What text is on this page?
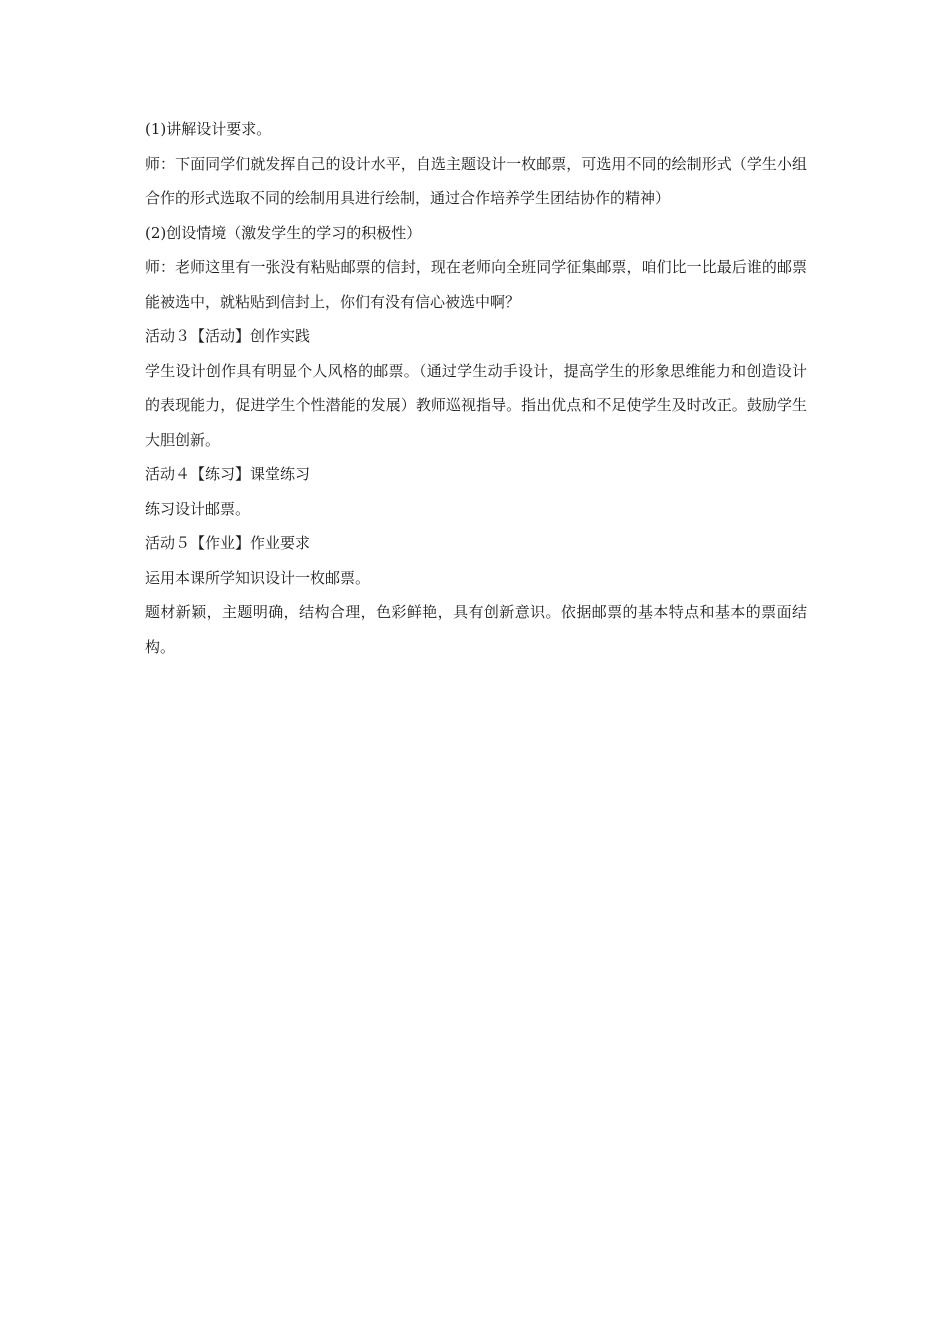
(1)讲解设计要求。

师：下面同学们就发挥自己的设计水平，自选主题设计一枚邮票，可选用不同的绘制形式（学生小组合作的形式选取不同的绘制用具进行绘制，通过合作培养学生团结协作的精神）

(2)创设情境（激发学生的学习的积极性）

师：老师这里有一张没有粘贴邮票的信封，现在老师向全班同学征集邮票，咱们比一比最后谁的邮票能被选中，就粘贴到信封上，你们有没有信心被选中啊？

活动３【活动】创作实践

学生设计创作具有明显个人风格的邮票。（通过学生动手设计，提高学生的形象思维能力和创造设计的表现能力，促进学生个性潜能的发展）教师巡视指导。指出优点和不足使学生及时改正。鼓励学生大胆创新。

活动４【练习】课堂练习

练习设计邮票。

活动５【作业】作业要求

运用本课所学知识设计一枚邮票。

题材新颖，主题明确，结构合理，色彩鲜艳，具有创新意识。依据邮票的基本特点和基本的票面结构。
